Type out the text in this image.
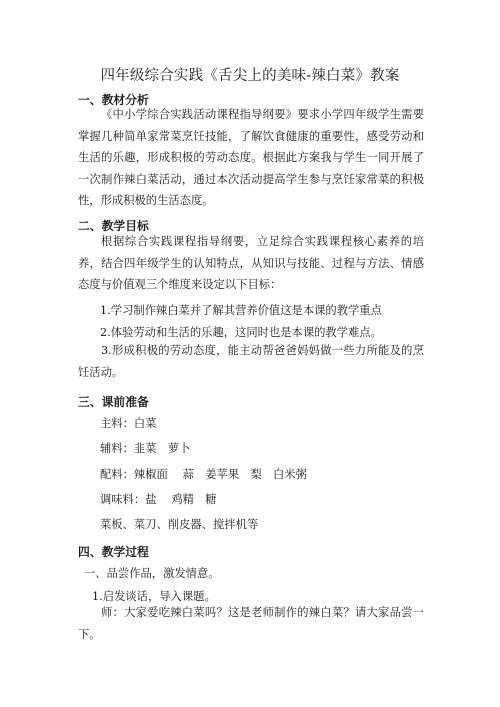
四年级综合实践《舌尖上的美味-辣白菜》教案
一、教材分析

《中小学综合实践活动课程指导纲要》要求小学四年级学生需要掌握几种简单家常菜烹饪技能，了解饮食健康的重要性，感受劳动和生活的乐趣，形成积极的劳动态度。根据此方案我与学生一同开展了一次制作辣白菜活动，通过本次活动提高学生参与烹饪家常菜的积极性，形成积极的生活态度。

二、教学目标

根据综合实践课程指导纲要，立足综合实践课程核心素养的培养，结合四年级学生的认知特点，从知识与技能、过程与方法、情感态度与价值观三个维度来设定以下目标：

1.学习制作辣白菜并了解其营养价值这是本课的教学重点
2.体验劳动和生活的乐趣，这同时也是本课的教学难点。

3.形成积极的劳动态度，能主动帮爸爸妈妈做一些力所能及的烹饪活动。

三、课前准备
主料：白菜
辅料：韭菜　萝卜
配料：辣椒面　 蒜　姜苹果　梨　白米粥
调味料：盐　 鸡精　糖
菜板、菜刀、削皮器、搅拌机等
四、教学过程
一、品尝作品，激发情意。
1.启发谈话，导入课题。

师：大家爱吃辣白菜吗？这是老师制作的辣白菜？请大家品尝一下。
